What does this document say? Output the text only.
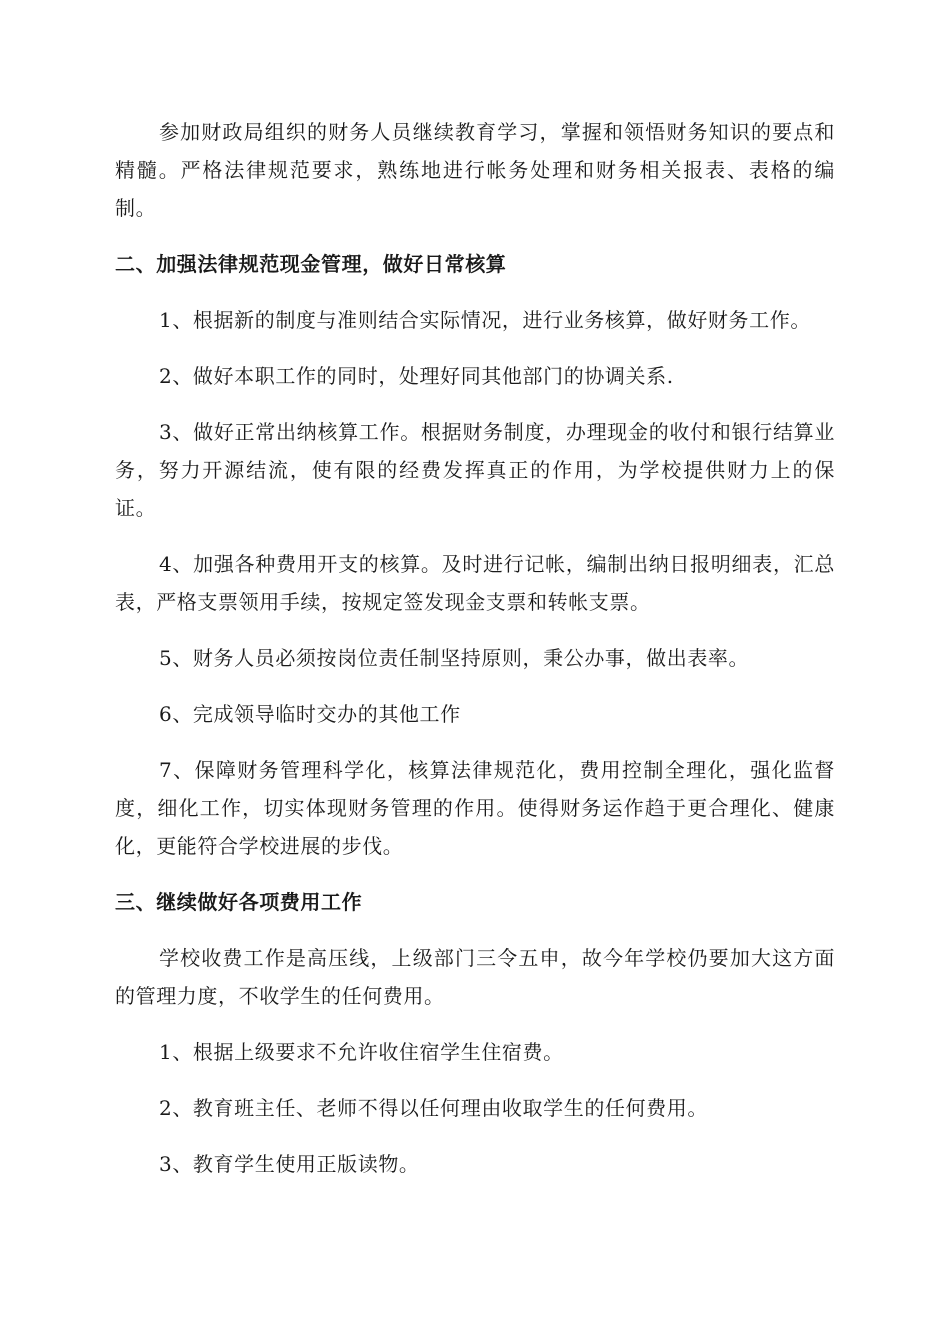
参加财政局组织的财务人员继续教育学习，掌握和领悟财务知识的要点和精髓。严格法律规范要求，熟练地进行帐务处理和财务相关报表、表格的编制。

二、加强法律规范现金管理，做好日常核算

1、根据新的制度与准则结合实际情况，进行业务核算，做好财务工作。

2、做好本职工作的同时，处理好同其他部门的协调关系.

3、做好正常出纳核算工作。根据财务制度，办理现金的收付和银行结算业务，努力开源结流，使有限的经费发挥真正的作用，为学校提供财力上的保证。

4、加强各种费用开支的核算。及时进行记帐，编制出纳日报明细表，汇总表，严格支票领用手续，按规定签发现金支票和转帐支票。

5、财务人员必须按岗位责任制坚持原则，秉公办事，做出表率。

6、完成领导临时交办的其他工作

7、保障财务管理科学化，核算法律规范化，费用控制全理化，强化监督度，细化工作，切实体现财务管理的作用。使得财务运作趋于更合理化、健康化，更能符合学校进展的步伐。

三、继续做好各项费用工作

学校收费工作是高压线，上级部门三令五申，故今年学校仍要加大这方面的管理力度，不收学生的任何费用。

1、根据上级要求不允许收住宿学生住宿费。

2、教育班主任、老师不得以任何理由收取学生的任何费用。

3、教育学生使用正版读物。
